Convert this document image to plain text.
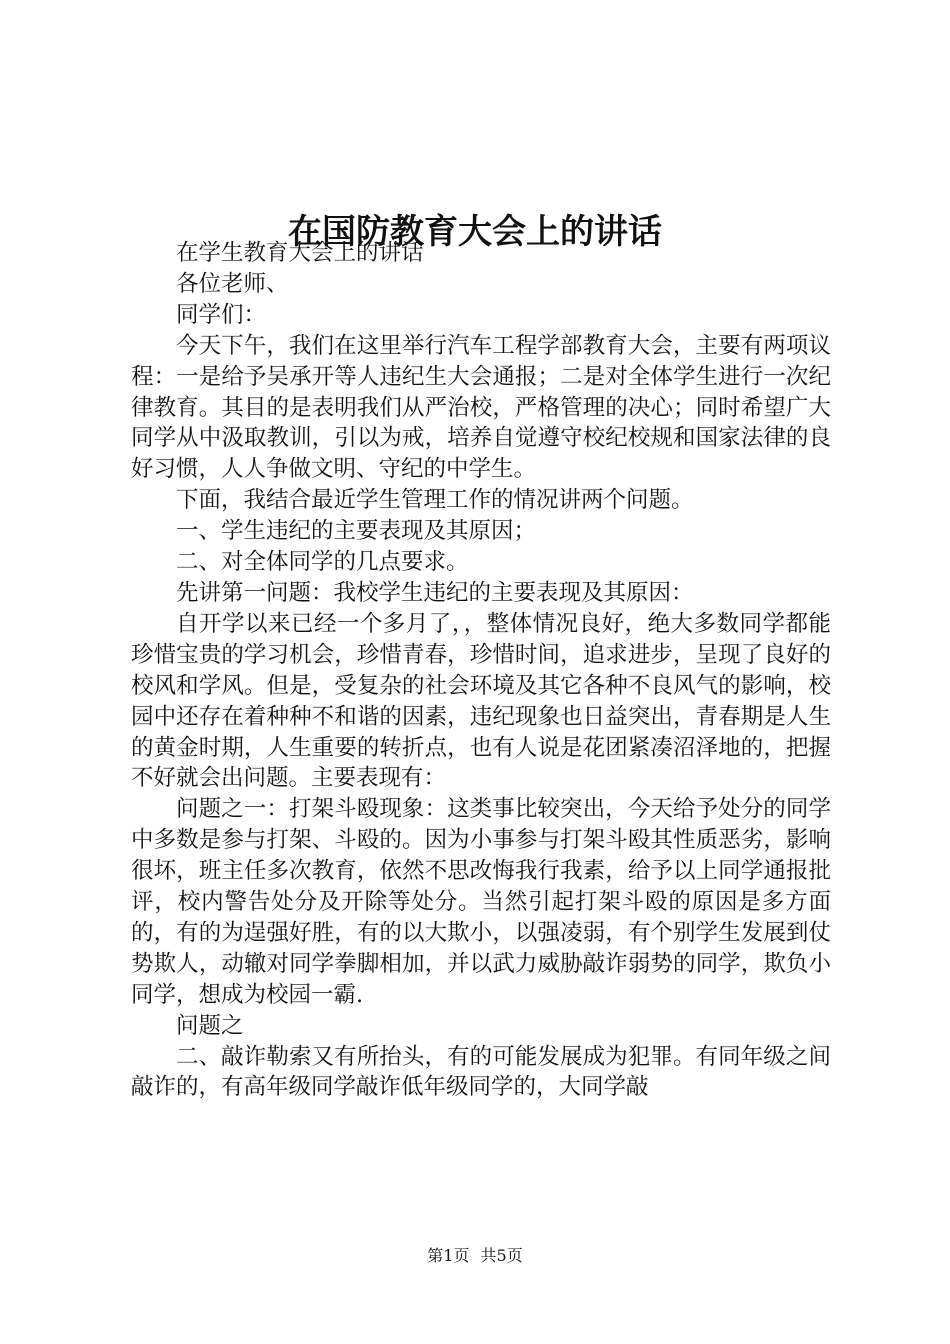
在国防教育大会上的讲话

在学生教育大会上的讲话

各位老师、

同学们：

今天下午，我们在这里举行汽车工程学部教育大会，主要有两项议程：一是给予吴承开等人违纪生大会通报；二是对全体学生进行一次纪律教育。其目的是表明我们从严治校，严格管理的决心；同时希望广大同学从中汲取教训，引以为戒，培养自觉遵守校纪校规和国家法律的良好习惯，人人争做文明、守纪的中学生。

下面，我结合最近学生管理工作的情况讲两个问题。

一、学生违纪的主要表现及其原因；

二、对全体同学的几点要求。

先讲第一问题：我校学生违纪的主要表现及其原因：

自开学以来已经一个多月了，，整体情况良好，绝大多数同学都能珍惜宝贵的学习机会，珍惜青春，珍惜时间，追求进步，呈现了良好的校风和学风。但是，受复杂的社会环境及其它各种不良风气的影响，校园中还存在着种种不和谐的因素，违纪现象也日益突出，青春期是人生的黄金时期，人生重要的转折点，也有人说是花团紧凑沼泽地的，把握不好就会出问题。主要表现有：

问题之一：打架斗殴现象：这类事比较突出，今天给予处分的同学中多数是参与打架、斗殴的。因为小事参与打架斗殴其性质恶劣，影响很坏，班主任多次教育，依然不思改悔我行我素，给予以上同学通报批评，校内警告处分及开除等处分。当然引起打架斗殴的原因是多方面的，有的为逞强好胜，有的以大欺小，以强凌弱，有个别学生发展到仗势欺人，动辙对同学拳脚相加，并以武力威胁敲诈弱势的同学，欺负小同学，想成为校园一霸.

问题之

二、敲诈勒索又有所抬头，有的可能发展成为犯罪。有同年级之间敲诈的，有高年级同学敲诈低年级同学的，大同学敲

第1页 共5页
